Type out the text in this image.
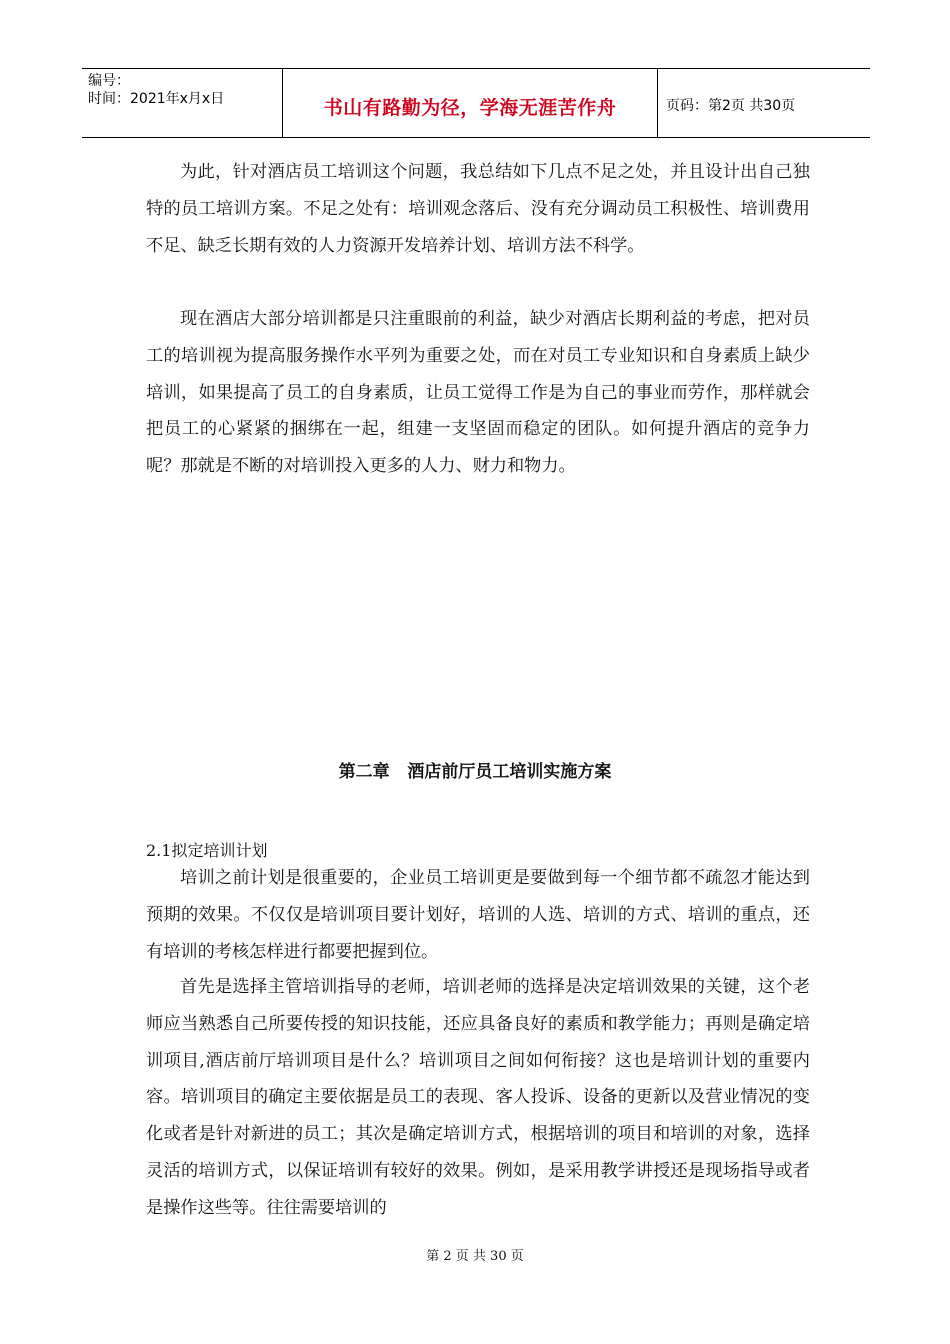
编号：
时间：2021年x月x日	书山有路勤为径，学海无涯苦作舟	页码：第2页 共30页

为此，针对酒店员工培训这个问题，我总结如下几点不足之处，并且设计出自己独特的员工培训方案。不足之处有：培训观念落后、没有充分调动员工积极性、培训费用不足、缺乏长期有效的人力资源开发培养计划、培训方法不科学。

现在酒店大部分培训都是只注重眼前的利益，缺少对酒店长期利益的考虑，把对员工的培训视为提高服务操作水平列为重要之处，而在对员工专业知识和自身素质上缺少培训，如果提高了员工的自身素质，让员工觉得工作是为自己的事业而劳作，那样就会把员工的心紧紧的捆绑在一起，组建一支坚固而稳定的团队。如何提升酒店的竞争力呢？那就是不断的对培训投入更多的人力、财力和物力。

第二章   酒店前厅员工培训实施方案
2.1拟定培训计划

培训之前计划是很重要的，企业员工培训更是要做到每一个细节都不疏忽才能达到预期的效果。不仅仅是培训项目要计划好，培训的人选、培训的方式、培训的重点，还有培训的考核怎样进行都要把握到位。

首先是选择主管培训指导的老师，培训老师的选择是决定培训效果的关键，这个老师应当熟悉自己所要传授的知识技能，还应具备良好的素质和教学能力；再则是确定培训项目,酒店前厅培训项目是什么？培训项目之间如何衔接？这也是培训计划的重要内容。培训项目的确定主要依据是员工的表现、客人投诉、设备的更新以及营业情况的变化或者是针对新进的员工；其次是确定培训方式，根据培训的项目和培训的对象，选择灵活的培训方式，以保证培训有较好的效果。例如，是采用教学讲授还是现场指导或者是操作这些等。往往需要培训的

第 2 页 共 30 页
